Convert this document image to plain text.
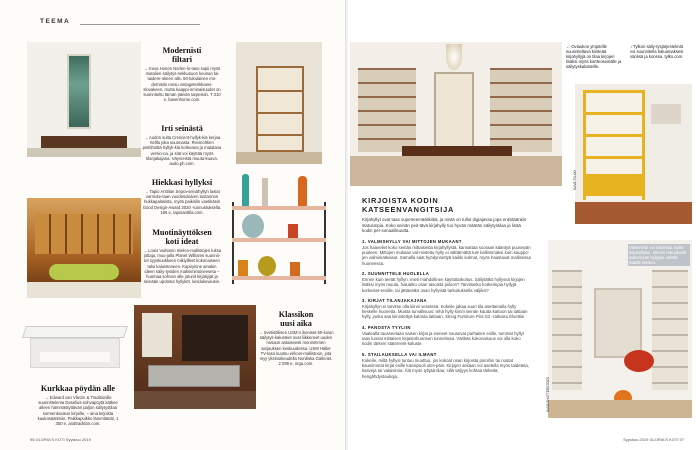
TEEMA
Modernisti
filtari
→ Kuva Honen Norlen-lo-taso sopii myös matalien säilytys-nekkusuon keunan tai taidere-okeen alle. 50-lukulainen mo-dernistin ronsu vintageterikkaeni- slovakeen, mutta kaappi-ominaisuudet on suunniteltu tämän päivän tarpeisiin. 7 310 e, bavenhome.com.
Irti seinästä
→ Audon sulta Crescent-hyllyk-kiä kerjaa Itellla joka suunnasta. Revinohken pinttihoittä hyllyk-kiä korkeana ja matalana versio-na, ja sitä voi käyttää myös tilanjakajana. Väyvreistä muuta-kuuva. audo.ph.com.
Hiekkasi hyllyksi
→ Tapio Anttilan Sepra-seinähyllyn lasiat varmote-taan vuodesolaiven tuotannon hukkapalasista, myös paikinlin vaetikäsin Good Design-Award 2020 -tunnustuksella. 165 e, tapioanttila.com.
Muotinäyttöksen
koti ideat
→ Louis Vuittonin mielen-mallistojen luksa jottaja, muu-jalla Planet Williams suunnit-tel syyskuukkeen mikiylliset kokonaiseen taloi kaluistoneen. Kapiryinne ainakin ideen säily-tysiden maksiminoineeseta – huomaa sohvan alle jotunit kirjatiyjät ja seinään upotetut hyllyköt. luisdukewiusin.
Kurkkaa pöydän alle
→ Edward van Vliezin & Traditionille suunnittelema Deselius-sohvapöytä kätkee alleen hämmästyttävän paljon säilytystilaa sormenkoukun kirjoille, – aina kirjoista kaukosäätimiin. Paikkapuikko lämmitävät, 1 350 e, andtradition.com.
Klassikon
uusi aika
→ Svetisöliisen USM:n ikoniset 60-luvun säilytys-kalusteet ovat liikkeneet uuden nosaun antaiseesti moninmmen sarjauksen keskuudessa. USM Haller TV-taso kuutsu erikoin-mallistoon, jota myy yksinoikeudella Nordiska Galleriet. 2 099 e, nrga.com.
96 GLORIA'S KOTI Syyskuu 2019
← Oviaukon ympärille suunniteltava kiinteää kirjahyllyjä on tilaa kirjojen lisäksi myös kortteoseinälle ja säilytyskalusteille.
↓ Tylkon säily-tysjärjestelmät voi suunnitella haluamaksesi värissä ja koossa. tylko.com.
KUVA TYLKO
KIRJOISTA KODIN
KATSEENVANGITSIJA
Kirjahyllyt ovat taas superteemäälikiitiä, ja niistä on tullut digiajassa jopa entistäänkin statusmpia. Koko seinän peit-tävä kirjahylly tuo hyvän määrän säilytystilaa ja lisää kodin per-sonaallisuutta.
1. VALMISHYLLY VAI MITTOJEN MUKAAN?
Jos haaveilet koko seinän mittaisesta kirjahyllystä, kannattaa suoraan kääntyä puusepän puoleen. Mittojen mukaan val-mistettu hylly ei välttämättä tule kalliimmaksi kuin kauppo-jen valmisratkaisut. Samalla saat hyödynnettyä kaikki kulmat, myös haastavat mallisessa huoneessa.
2. SUUNNITTELE HUOLELLA
Ennen kuin teetät hyllyn, mieti mahdollinen käyttötarkoitus. Säilytätkö hyllyssä kirjojen lisäksi myös muuta, haluatko osan tasoista piiloon? Tarvitsetko korkeimpia hyllyjä korkeiset-ensille, tai jättävätkö osan hyllyistä tarkoituksella väljiksi?
3. KIRJAT TILANJAKAJANA
Kirjahyllyn ei tarvitse olla kiinni seinässä. Kokeile jakaa suuri tila asettamalla hylly keskelle huonetta. Muista turvallisuus: tehä hylly kiinni seinän kautta kattoon tai lattiaan hylly, jonka saa kiinnitettyä katosta lattiaan. String Furniture Pira G2 -ratkaisu Elvettiin.
4. PANOSTA TYYLIIN
Vaalealla tausseetaan saisen kirjat ja esineet nousevat parhaiten esille, tummat hyllyt taas luovat mittaisen kirjastohuoneen tunnelmaa. Värikäs kokonaisuus voi olla koko kodin tärkein statement-kaluste.
5. STAILAUKSELLA VAI ILMANT
Kokeile, miltä hyllysi tuntuu muuttuu, jos kokoat osan kirjoista pinoihin tai nostat kauniimmat kirjat esille kansipuoli ulos-päin. Kirjojen sekaan voi asetella myös taideteta, kasveja tai valaisimia. Älä myös tyhjää tilaa, sillä väljyys kohtaa tärkeitä, hengähdystaukoja..
Väkeerrän voi rakentaa myös kirjahyllyksi. Sileöin reki pikeilä kulkemaan hyllyjen välistä lisätilä hissien.
KUVA SHUTTERSTOCK
Syyskuu 2019 GLORIA'S KOTI 97
